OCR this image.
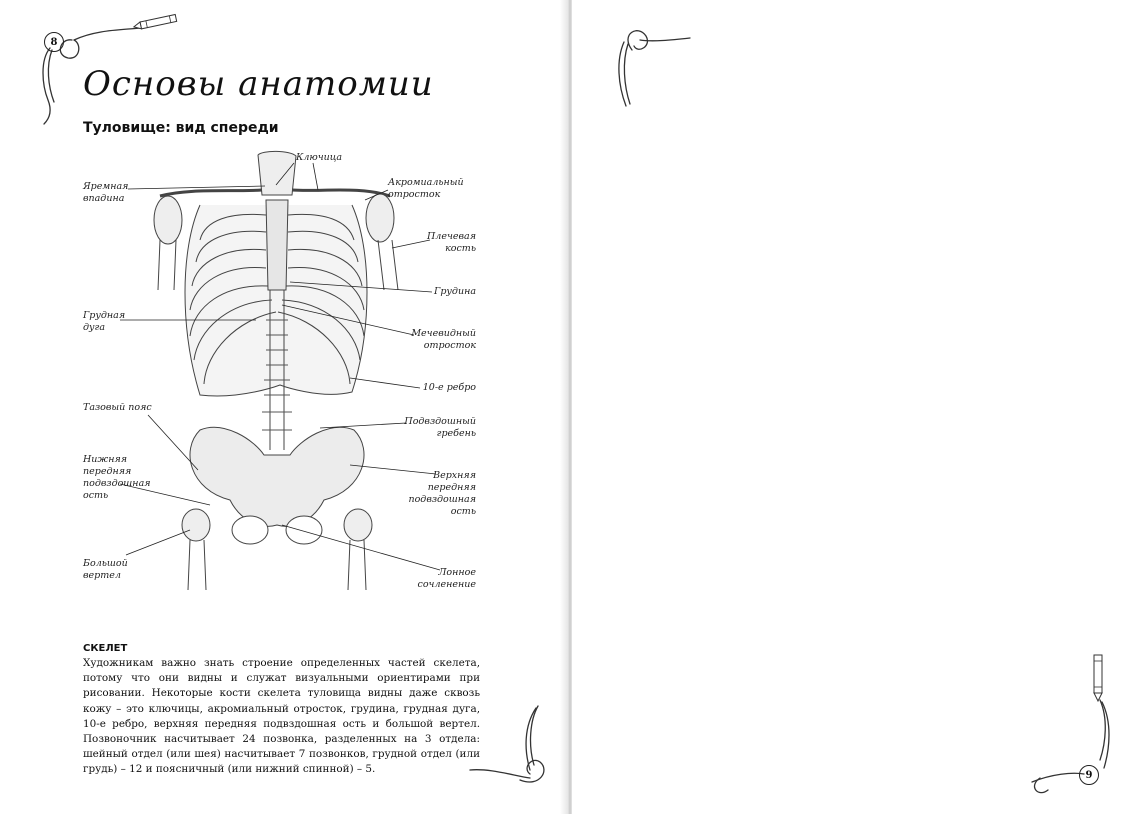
8
Основы анатомии
Туловище: вид спереди
Ключица
Яремная
впадина
Акромиальный
отросток
Плечевая
кость
Грудина
Грудная
дуга
Мечевидный
отросток
10-е ребро
Тазовый пояс
Подвздошный
гребень
Нижняя
передняя
подвздошная
ость
Верхняя
передняя
подвздошная
ость
Большой
вертел	Лонное
сочленение
СКЕЛЕТ

Художникам важно знать строение определенных частей скелета, потому что они видны и служат визуальными ориентирами при рисовании. Некоторые кости скелета туловища видны даже сквозь кожу – это ключицы, акромиальный отросток, грудина, грудная дуга, 10-е ребро, верхняя передняя подвздошная ость и большой вертел. Позвоночник насчитывает 24 позвонка, разделенных на 3 отдела: шейный отдел (или шея) насчитывает 7 позвонков, грудной отдел (или грудь) – 12 и поясничный (или нижний спинной) – 5.	9
